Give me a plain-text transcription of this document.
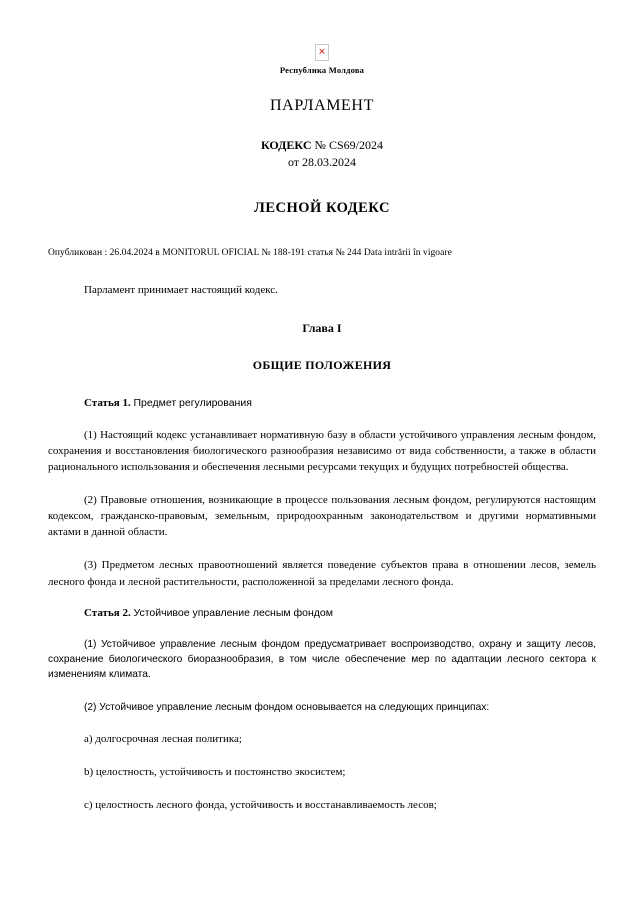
✕
Республика Молдова
ПАРЛАМЕНТ
КОДЕКС № CS69/2024
от 28.03.2024
ЛЕСНОЙ КОДЕКС
Опубликован : 26.04.2024 в MONITORUL OFICIAL № 188-191 статья № 244 Data intrării în vigoare
Парламент принимает настоящий кодекс.
Глава I
ОБЩИЕ ПОЛОЖЕНИЯ
Статья 1. Предмет регулирования

(1) Настоящий кодекс устанавливает нормативную базу в области устойчивого управления лесным фондом, сохранения и восстановления биологического разнообразия независимо от вида собственности, а также в области рационального использования и обеспечения лесными ресурсами текущих и будущих потребностей общества.

(2) Правовые отношения, возникающие в процессе пользования лесным фондом, регулируются настоящим кодексом, гражданско-правовым, земельным, природоохранным законодательством и другими нормативными актами в данной области.

(3) Предметом лесных правоотношений является поведение субъектов права в отношении лесов, земель лесного фонда и лесной растительности, расположенной за пределами лесного фонда.

Статья 2. Устойчивое управление лесным фондом

(1) Устойчивое управление лесным фондом предусматривает воспроизводство, охрану и защиту лесов, сохранение биологического биоразнообразия, в том числе обеспечение мер по адаптации лесного сектора к изменениям климата.

(2) Устойчивое управление лесным фондом основывается на следующих принципах:

a) долгосрочная лесная политика;

b) целостность, устойчивость и постоянство экосистем;

c) целостность лесного фонда, устойчивость и восстанавливаемость лесов;
